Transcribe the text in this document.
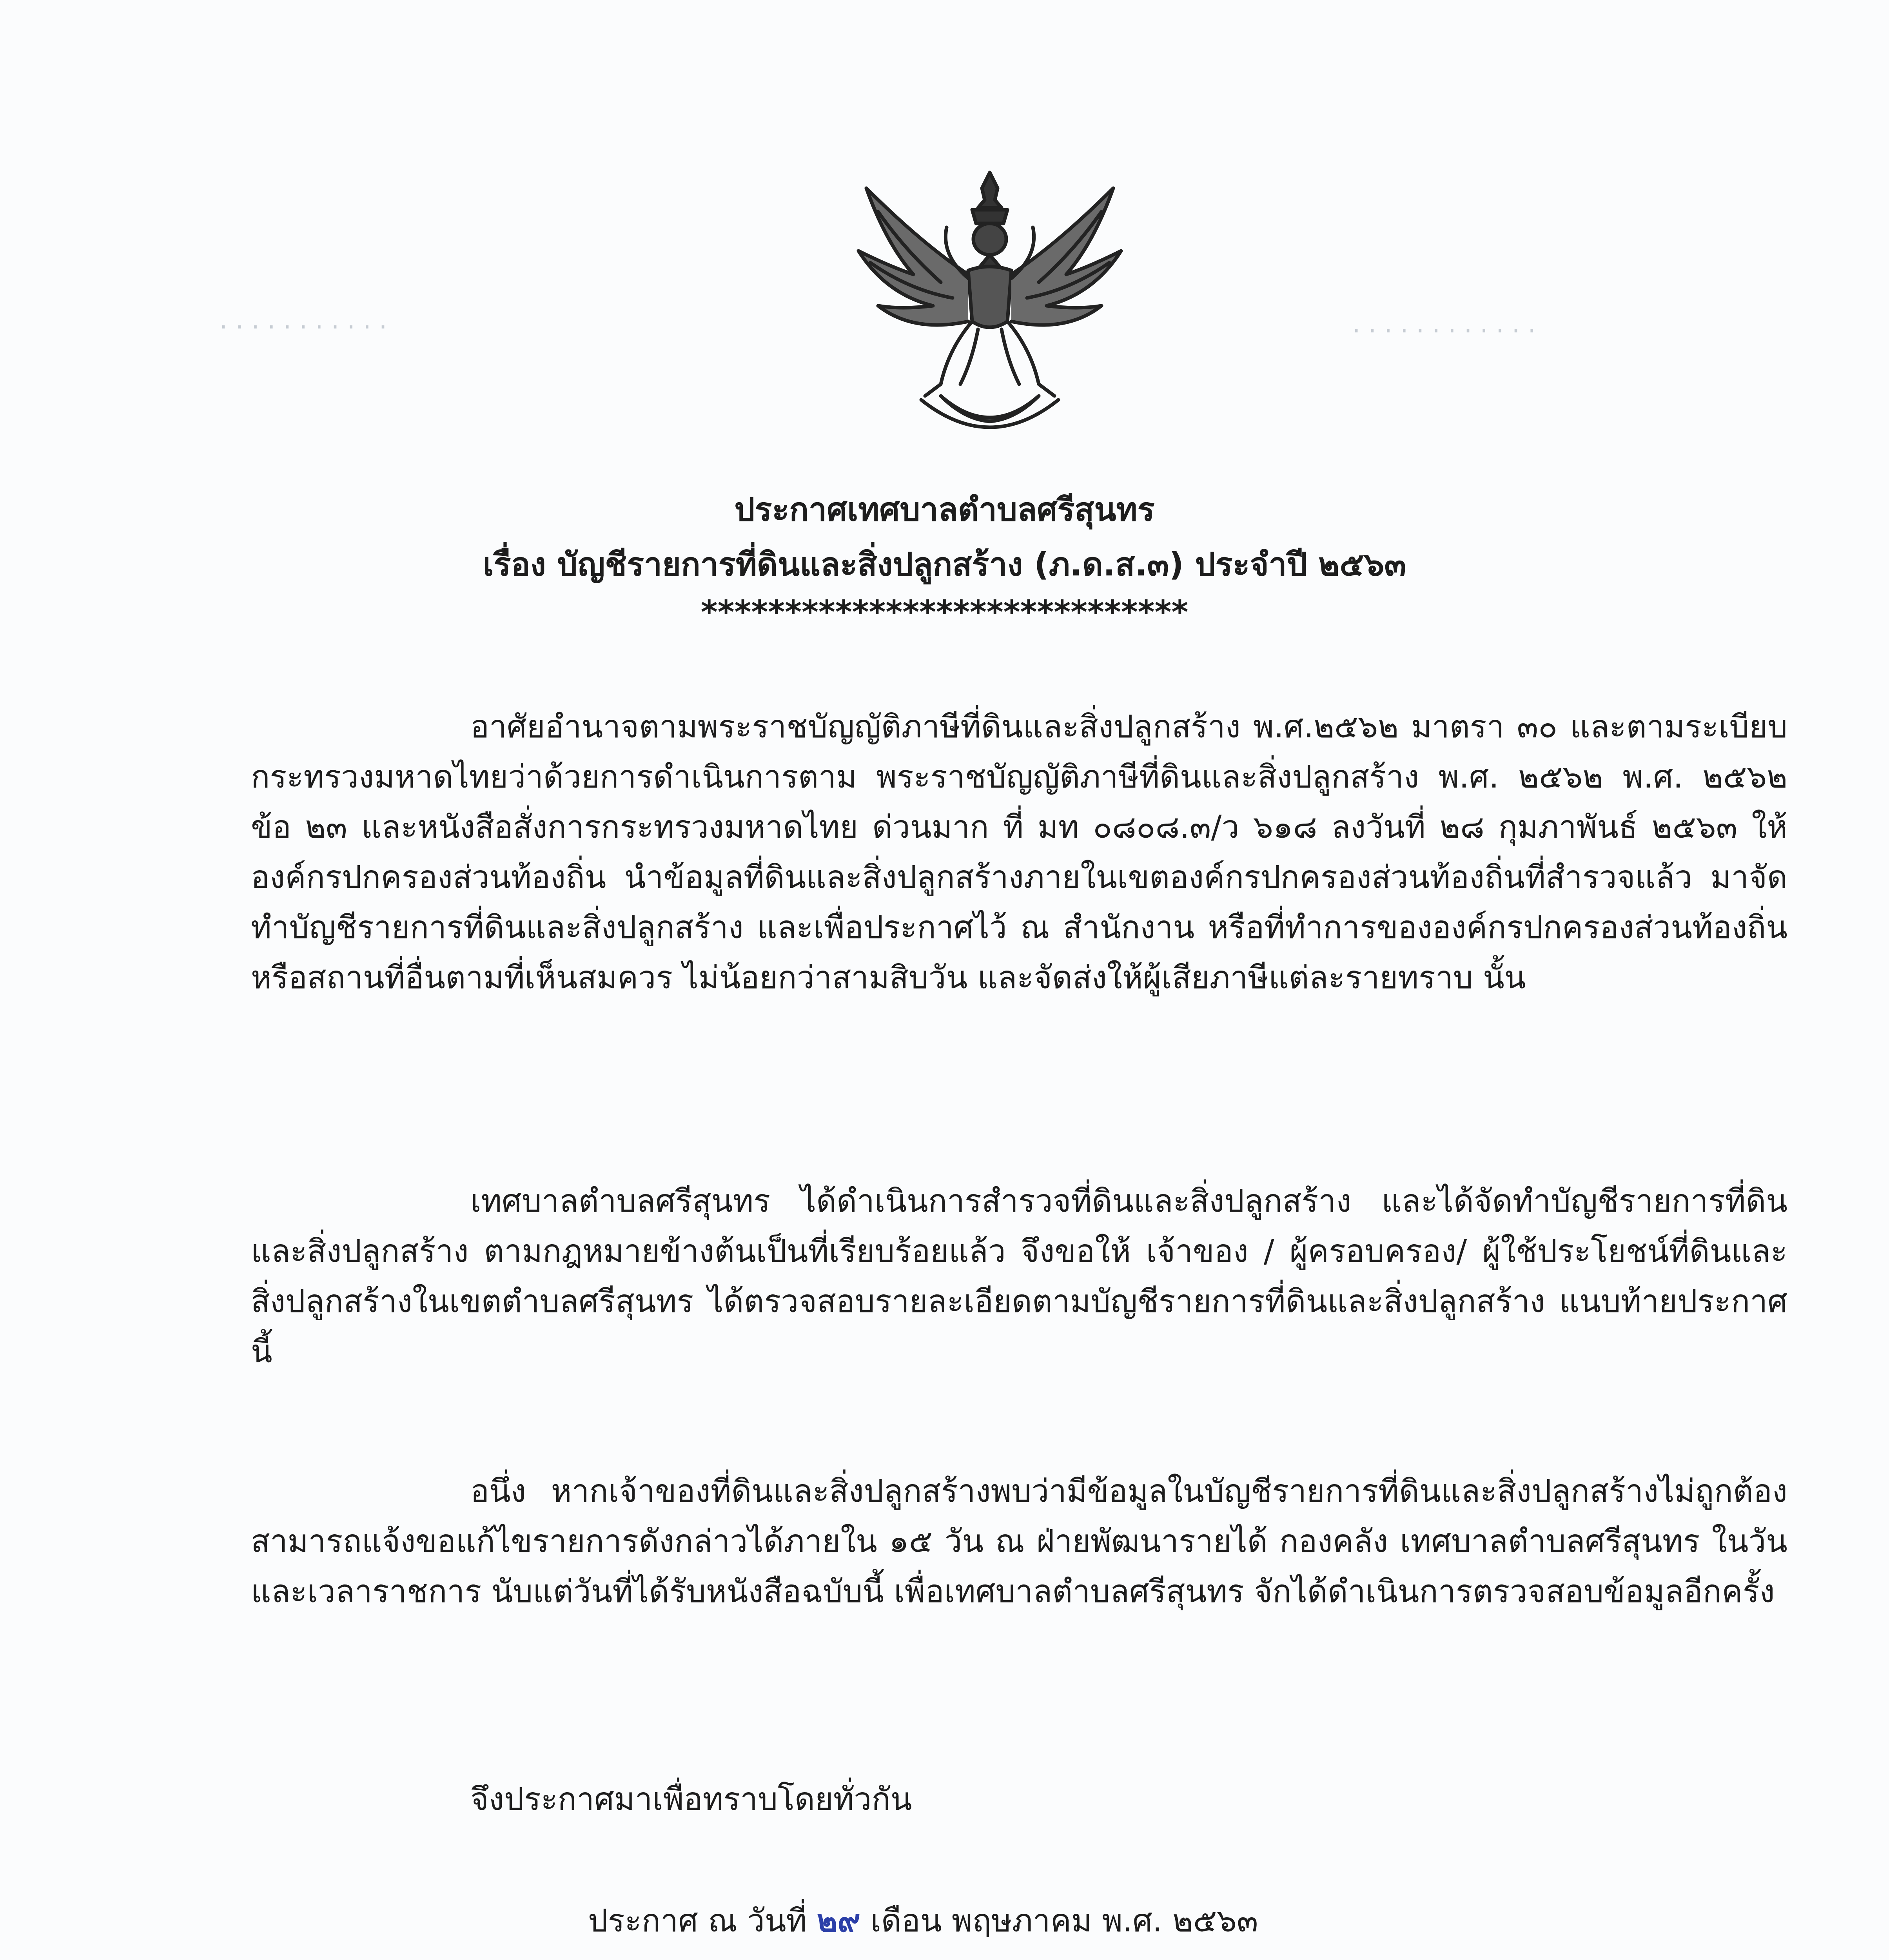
. . . . . . . . . . .	. . . . . . . . . . . .
ประกาศเทศบาลตำบลศรีสุนทร
เรื่อง บัญชีรายการที่ดินและสิ่งปลูกสร้าง (ภ.ด.ส.๓) ประจำปี ๒๕๖๓
*****************************

อาศัยอำนาจตามพระราชบัญญัติภาษีที่ดินและสิ่งปลูกสร้าง พ.ศ.๒๕๖๒ มาตรา ๓๐ และตามระเบียบกระทรวงมหาดไทยว่าด้วยการดำเนินการตาม พระราชบัญญัติภาษีที่ดินและสิ่งปลูกสร้าง พ.ศ. ๒๕๖๒ พ.ศ. ๒๕๖๒ ข้อ ๒๓ และหนังสือสั่งการกระทรวงมหาดไทย ด่วนมาก ที่ มท ๐๘๐๘.๓/ว ๖๑๘ ลงวันที่ ๒๘ กุมภาพันธ์ ๒๕๖๓ ให้องค์กรปกครองส่วนท้องถิ่น นำข้อมูลที่ดินและสิ่งปลูกสร้างภายในเขตองค์กรปกครองส่วนท้องถิ่นที่สำรวจแล้ว มาจัดทำบัญชีรายการที่ดินและสิ่งปลูกสร้าง และเพื่อประกาศไว้ ณ สำนักงาน หรือที่ทำการขององค์กรปกครองส่วนท้องถิ่น หรือสถานที่อื่นตามที่เห็นสมควร ไม่น้อยกว่าสามสิบวัน และจัดส่งให้ผู้เสียภาษีแต่ละรายทราบ นั้น

เทศบาลตำบลศรีสุนทร ได้ดำเนินการสำรวจที่ดินและสิ่งปลูกสร้าง และได้จัดทำบัญชีรายการที่ดินและสิ่งปลูกสร้าง ตามกฎหมายข้างต้นเป็นที่เรียบร้อยแล้ว จึงขอให้ เจ้าของ / ผู้ครอบครอง/ ผู้ใช้ประโยชน์ที่ดินและสิ่งปลูกสร้างในเขตตำบลศรีสุนทร ได้ตรวจสอบรายละเอียดตามบัญชีรายการที่ดินและสิ่งปลูกสร้าง แนบท้ายประกาศนี้

อนึ่ง หากเจ้าของที่ดินและสิ่งปลูกสร้างพบว่ามีข้อมูลในบัญชีรายการที่ดินและสิ่งปลูกสร้างไม่ถูกต้อง สามารถแจ้งขอแก้ไขรายการดังกล่าวได้ภายใน ๑๕ วัน ณ ฝ่ายพัฒนารายได้ กองคลัง เทศบาลตำบลศรีสุนทร ในวันและเวลาราชการ นับแต่วันที่ได้รับหนังสือฉบับนี้ เพื่อเทศบาลตำบลศรีสุนทร จักได้ดำเนินการตรวจสอบข้อมูลอีกครั้ง

จึงประกาศมาเพื่อทราบโดยทั่วกัน
ประกาศ ณ วันที่ ๒๙ เดือน พฤษภาคม พ.ศ. ๒๕๖๓
